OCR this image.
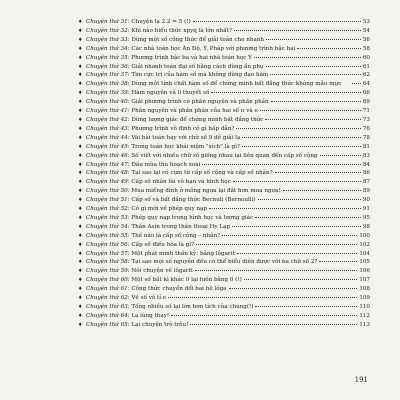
♦ Chuyện thứ 31:
Chuyện lạ 2.2 = 5 (!)	53
♦ Chuyện thứ 32:
Khi nào biểu thức xpyq là lớn nhất?	54
♦ Chuyện thứ 33:
Dùng một số công thức để giải toán cho nhanh	56
♦ Chuyện thứ 34:
Các nhà toán học Ấn Độ, Ý, Pháp với phương trình bậc hai	58
♦ Chuyện thứ 35:
Phương trình bậc ba và hai nhà toán học Ý	60
♦ Chuyện thứ 36:
Giải nhanh toán đại số bằng cách dùng ẩn phụ	61
♦ Chuyện thứ 37:
Tìm cực trị của hàm số mà không dùng đạo hàm	62
♦ Chuyện thứ 38:
Dùng một tính chất hàm số để chứng minh bất đẳng thức không mẫu mực	64
♦ Chuyện thứ 39:
Hàm nguyên và lí thuyết số	66
♦ Chuyện thứ 40:
Giải phương trình có phần nguyên và phần phân	69
♦ Chuyện thứ 41:
Phần nguyên và phần phân của hai số π và e	71
♦ Chuyện thứ 42:
Dùng lượng giác để chứng minh bất đẳng thức	73
♦ Chuyện thứ 43:
Phương trình vô định có gì hấp dẫn?	76
♦ Chuyện thứ 44:
Vài bài toán hay với chữ số 9 dễ giải lạ	78
♦ Chuyện thứ 45:
Trong toán học khái niệm "xích" là gì?	81
♦ Chuyện thứ 46:
Số viết với nhiều chữ số giống nhau lại liên quan đến cấp số cộng	83
♦ Chuyện thứ 47:
Đầu mùa thu hoạch xoài	84
♦ Chuyện thứ 48:
Tại sao lại có cụm từ cấp số cộng và cấp số nhân?	86
♦ Chuyện thứ 49:
Cấp số nhân lùi vô hạn và hình học	87
♦ Chuyện thứ 50:
Mua miếng đình ở mông ngựa lại đắt hơn mua ngựa!	89
♦ Chuyện thứ 51:
Cấp số và bất đẳng thức Becnuli (Bernoulli)	90
♦ Chuyện thứ 52:
Có gì mới về phép quy nạp	91
♦ Chuyện thứ 53:
Phép quy nạp trong hình học và lượng giác	95
♦ Chuyện thứ 54:
Thần Asin trong thần thoại Hy Lạp	98
♦ Chuyện thứ 55:
Thế nào là cấp số cộng – nhân?	100
♦ Chuyện thứ 56:
Cấp số điều hòa là gì?	102
♦ Chuyện thứ 57:
Một phát minh thần kỳ: bảng lôgarit	104
♦ Chuyện thứ 58:
Tại sao mọi số nguyên đều có thể biểu diễn được với ba chữ số 2?	105
♦ Chuyện thứ 59:
Nói chuyện về lôgarit	106
♦ Chuyện thứ 60:
Một số bất kì khác 0 lại luôn bằng 0 (!)	107
♦ Chuyện thứ 61:
Công thức chuyển đổi hai hệ lôga	108
♦ Chuyện thứ 62:
Về số vô tỉ e	109
♦ Chuyện thứ 63:
Tổng nhiều số lại lớn hơn tích của chúng(!)	110
♦ Chuyện thứ 64:
Lạ lùng thay!	112
♦ Chuyện thứ 65:
Lại chuyện trò trêu!	113
191
